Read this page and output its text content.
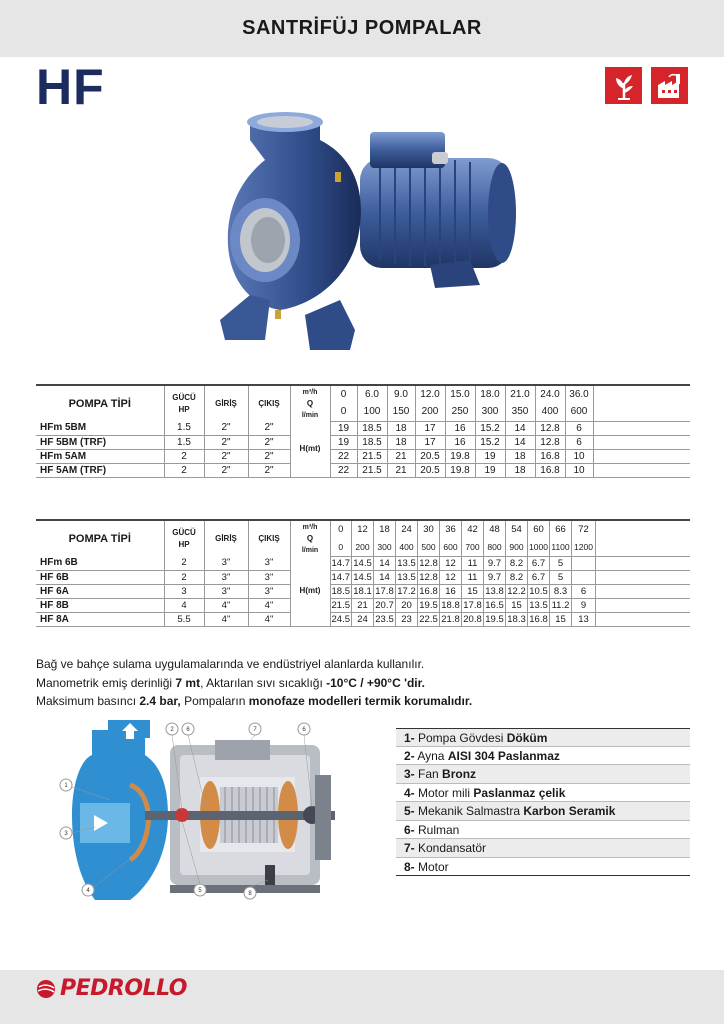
SANTRİFÜJ POMPALAR
HF
POMPA TİPİ	GÜCÜ
HP	GİRİŞ	ÇIKIŞ	m³/h
Q
l/min	0	6.0	9.0	12.0	15.0	18.0	21.0	24.0	36.0	
					0	100	150	200	250	300	350	400	600	
HFm 5BM	1.5	2"	2"	H(mt)	19	18.5	18	17	16	15.2	14	12.8	6	
HF 5BM (TRF)	1.5	2"	2"		19	18.5	18	17	16	15.2	14	12.8	6	
HFm 5AM	2	2"	2"		22	21.5	21	20.5	19.8	19	18	16.8	10	
HF 5AM (TRF)	2	2"	2"		22	21.5	21	20.5	19.8	19	18	16.8	10	
POMPA TİPİ	GÜCÜ
HP	GİRİŞ	ÇIKIŞ	m³/h
Q
l/min	0	12	18	24	30	36	42	48	54	60	66	72	
					0	200	300	400	500	600	700	800	900	1000	1100	1200	
HFm 6B	2	3"	3"	H(mt)	14.7	14.5	14	13.5	12.8	12	11	9.7	8.2	6.7	5		
HF 6B	2	3"	3"		14.7	14.5	14	13.5	12.8	12	11	9.7	8.2	6.7	5		
HF 6A	3	3"	3"		18.5	18.1	17.8	17.2	16.8	16	15	13.8	12.2	10.5	8.3	6	
HF 8B	4	4"	4"		21.5	21	20.7	20	19.5	18.8	17.8	16.5	15	13.5	11.2	9	
HF 8A	5.5	4"	4"		24.5	24	23.5	23	22.5	21.8	20.8	19.5	18.3	16.8	15	13	
Bağ ve bahçe sulama uygulamalarında ve endüstriyel alanlarda kullanılır.
Manometrik emiş derinliği 7 mt, Aktarılan sıvı sıcaklığı -10°C / +90°C 'dir.
Maksimum basıncı 2.4 bar, Pompaların monofaze modelleri termik korumalıdır.
1
2 6	7	6
3
4	5	8
1- Pompa Gövdesi Döküm
2- Ayna AISI 304 Paslanmaz
3- Fan Bronz
4- Motor mili Paslanmaz çelik
5- Mekanik Salmastra Karbon Seramik
6- Rulman
7- Kondansatör
8- Motor
PEDROLLO
